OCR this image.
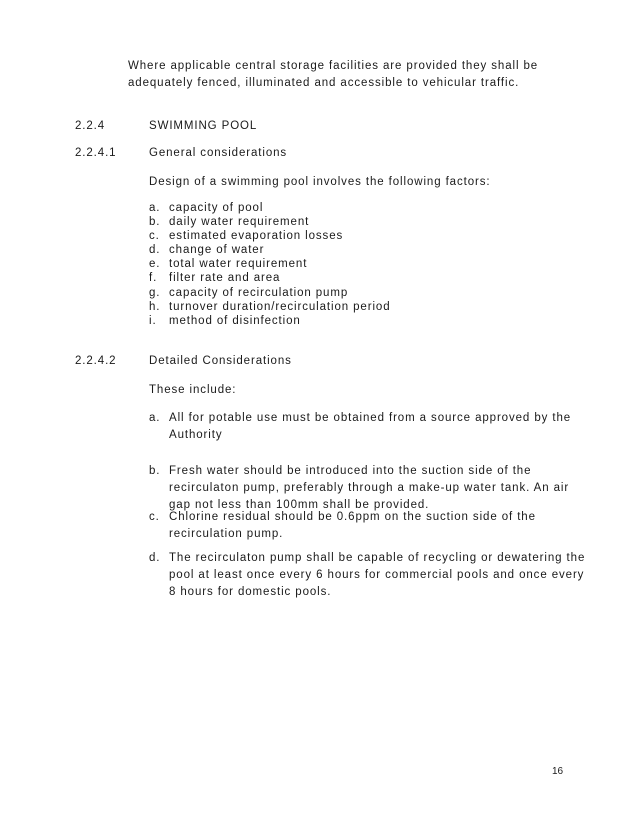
Where applicable central storage facilities are provided they shall be
adequately fenced, illuminated and accessible to vehicular traffic.
2.2.4	SWIMMING POOL
2.2.4.1	General considerations
Design of a swimming pool involves the following factors:
a. capacity of pool
b. daily water requirement
c. estimated evaporation losses
d. change of water
e. total water requirement
f. filter rate and area
g. capacity of recirculation pump
h. turnover duration/recirculation period
i. method of disinfection
2.2.4.2	Detailed Considerations
These include:
a. All for potable use must be obtained from a source approved by the
Authority
b. Fresh water should be introduced into the suction side of the
recirculaton pump, preferably through a make-up water tank. An air
gap not less than 100mm shall be provided.
c. Chlorine residual should be 0.6ppm on the suction side of the
recirculation pump.
d. The recirculaton pump shall be capable of recycling or dewatering the
pool at least once every 6 hours for commercial pools and once every
8 hours for domestic pools.
16
